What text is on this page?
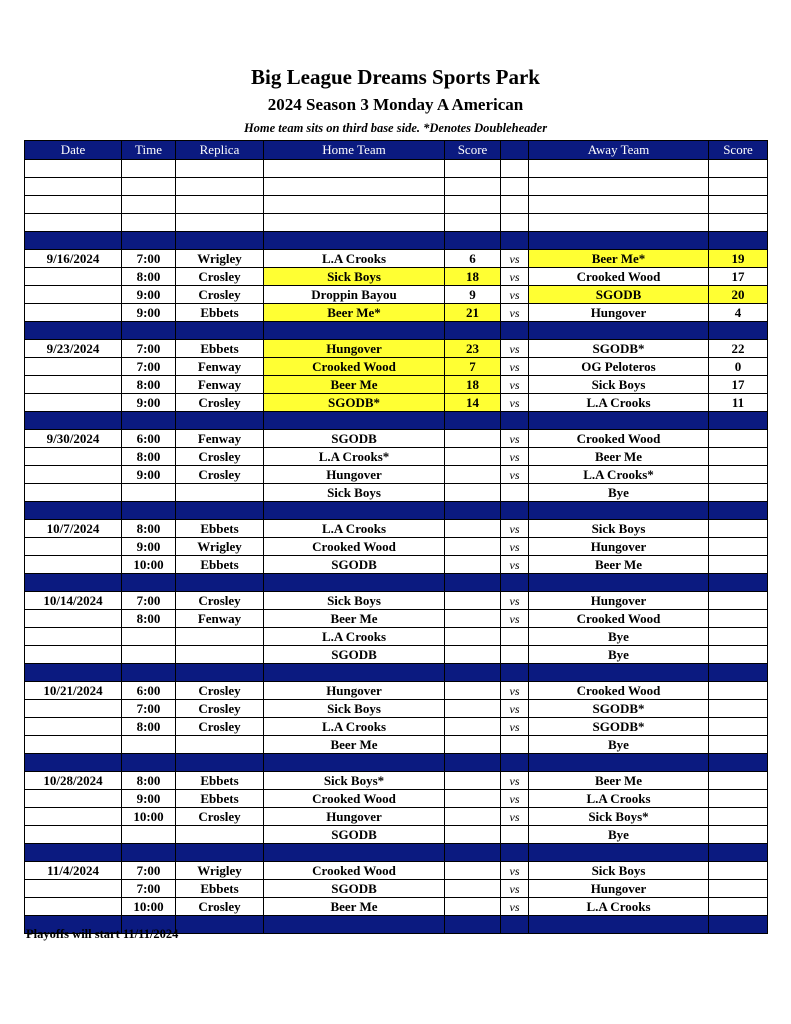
Big League Dreams Sports Park
2024 Season 3 Monday A American
Home team sits on third base side. *Denotes Doubleheader
Date	Time	Replica	Home Team	Score		Away Team	Score

9/16/2024	7:00	Wrigley	L.A Crooks	6	vs	Beer Me*	19
	8:00	Crosley	Sick Boys	18	vs	Crooked Wood	17
	9:00	Crosley	Droppin Bayou	9	vs	SGODB	20
	9:00	Ebbets	Beer Me*	21	vs	Hungover	4

9/23/2024	7:00	Ebbets	Hungover	23	vs	SGODB*	22
	7:00	Fenway	Crooked Wood	7	vs	OG Peloteros	0
	8:00	Fenway	Beer Me	18	vs	Sick Boys	17
	9:00	Crosley	SGODB*	14	vs	L.A Crooks	11

9/30/2024	6:00	Fenway	SGODB		vs	Crooked Wood	
	8:00	Crosley	L.A Crooks*		vs	Beer Me	
	9:00	Crosley	Hungover		vs	L.A Crooks*	
			Sick Boys			Bye	

10/7/2024	8:00	Ebbets	L.A Crooks		vs	Sick Boys	
	9:00	Wrigley	Crooked Wood		vs	Hungover	
	10:00	Ebbets	SGODB		vs	Beer Me	

10/14/2024	7:00	Crosley	Sick Boys		vs	Hungover	
	8:00	Fenway	Beer Me		vs	Crooked Wood	
			L.A Crooks			Bye	
			SGODB			Bye	

10/21/2024	6:00	Crosley	Hungover		vs	Crooked Wood	
	7:00	Crosley	Sick Boys		vs	SGODB*	
	8:00	Crosley	L.A Crooks		vs	SGODB*	
			Beer Me			Bye	

10/28/2024	8:00	Ebbets	Sick Boys*		vs	Beer Me	
	9:00	Ebbets	Crooked Wood		vs	L.A Crooks	
	10:00	Crosley	Hungover		vs	Sick Boys*	
			SGODB			Bye	

11/4/2024	7:00	Wrigley	Crooked Wood		vs	Sick Boys	
	7:00	Ebbets	SGODB		vs	Hungover	
	10:00	Crosley	Beer Me		vs	L.A Crooks	

Playoffs will start 11/11/2024
